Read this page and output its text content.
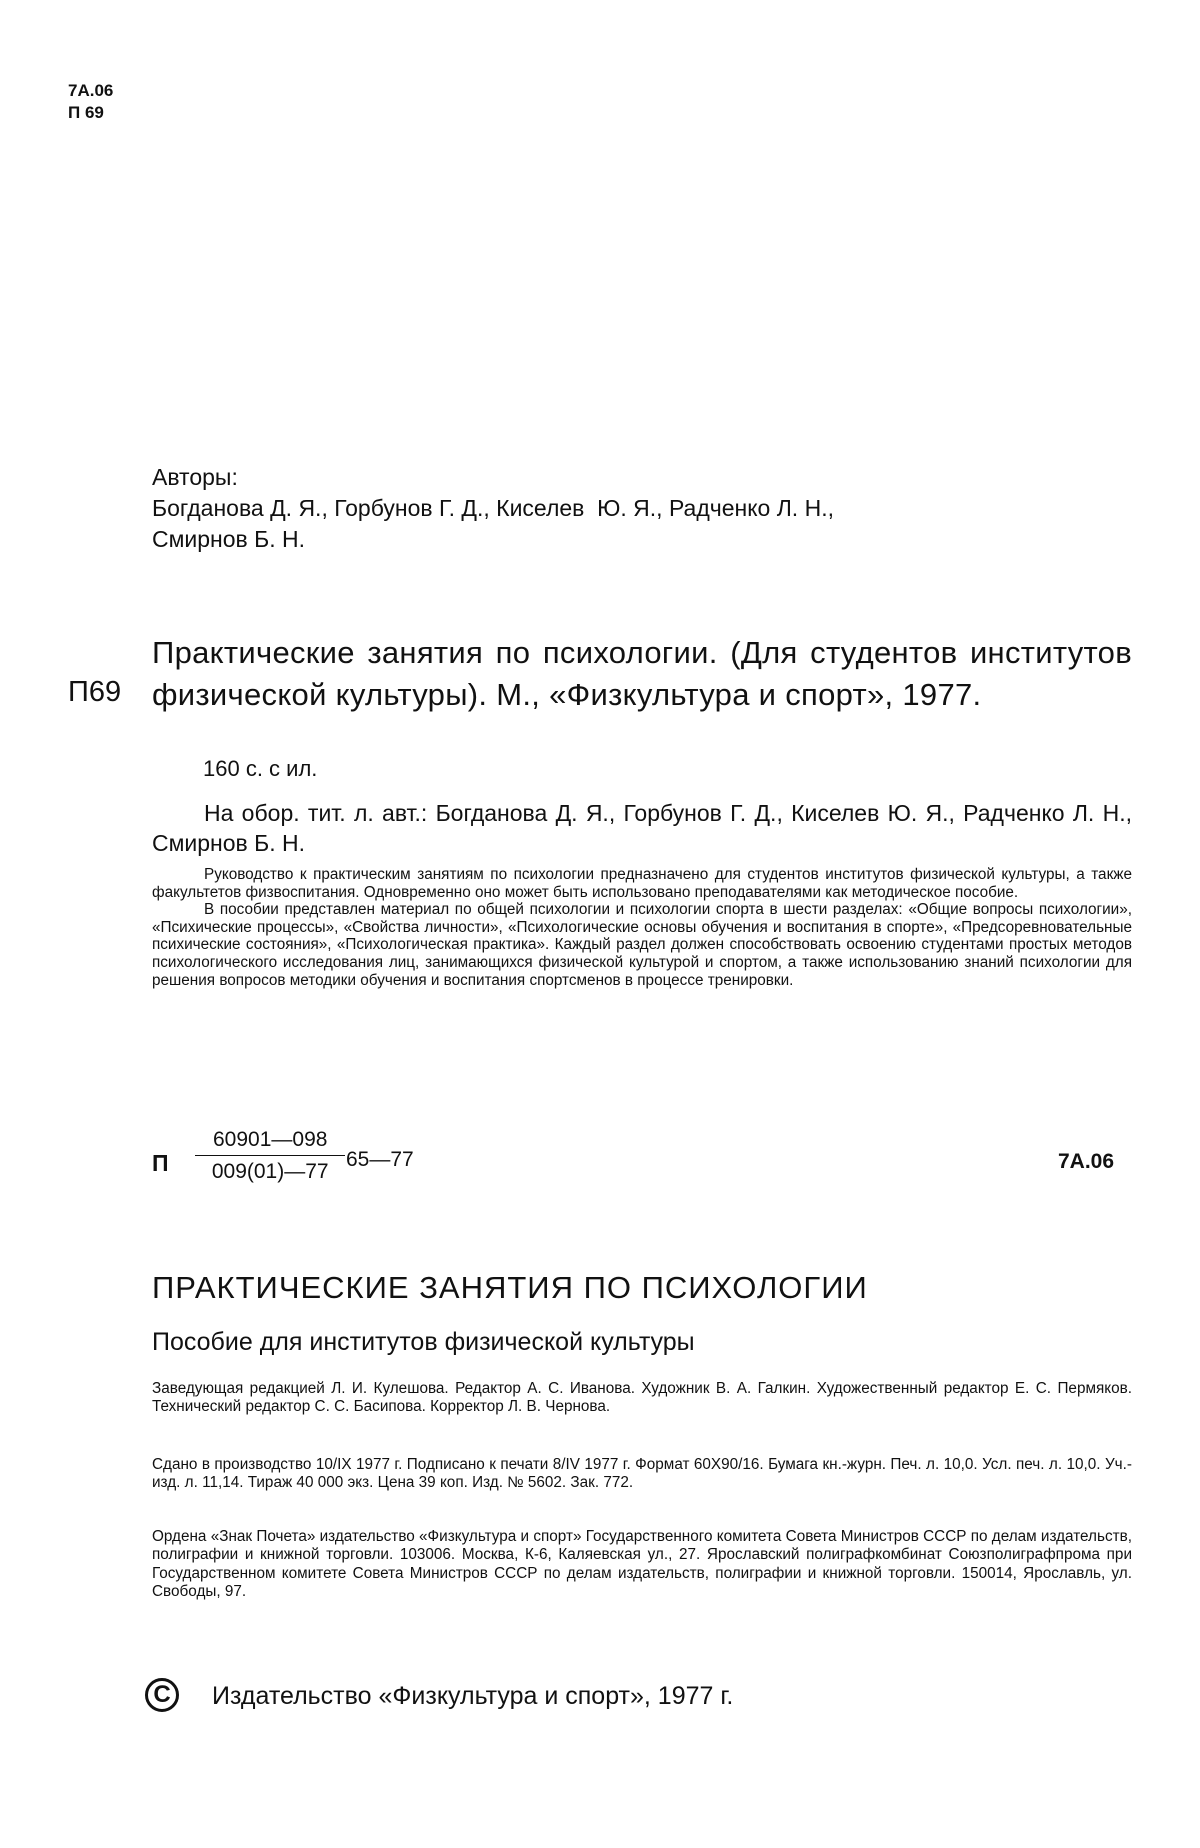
7А.06
П 69
Авторы:
Богданова Д. Я., Горбунов Г. Д., Киселев  Ю. Я., Радченко Л. Н.,
Смирнов Б. Н.
П69
Практические занятия по психологии. (Для студентов институтов физической культуры). М., «Физкультура и спорт», 1977.
160 с. с ил.
На обор. тит. л. авт.: Богданова Д. Я., Горбунов Г. Д., Киселев Ю. Я., Радченко Л. Н., Смирнов Б. Н.

Руководство к практическим занятиям по психологии предназначено для студентов институтов физической культуры, а также факультетов физвоспитания. Одновременно оно может быть использовано преподавателями как методическое пособие.

В пособии представлен материал по общей психологии и психологии спорта в шести разделах: «Общие вопросы психологии», «Психические процессы», «Свойства личности», «Психологические основы обучения и воспитания в спорте», «Предсоревновательные психические состояния», «Психологическая практика». Каждый раздел должен способствовать освоению студентами простых методов психологического исследования лиц, занимающихся физической культурой и спортом, а также использованию знаний психологии для решения вопросов методики обучения и воспитания спортсменов в процессе тренировки.

П $\frac{60901—098}{009(01)—77}$ 65—77	7А.06
ПРАКТИЧЕСКИЕ ЗАНЯТИЯ ПО ПСИХОЛОГИИ
Пособие для институтов физической культуры
Заведующая редакцией Л. И. Кулешова. Редактор А. С. Иванова. Художник В. А. Галкин. Художественный редактор Е. С. Пермяков. Технический редактор С. С. Басипова. Корректор Л. В. Чернова.
Сдано в производство 10/IX 1977 г. Подписано к печати 8/IV 1977 г. Формат 60Х90/16. Бумага кн.-журн. Печ. л. 10,0. Усл. печ. л. 10,0. Уч.-изд. л. 11,14. Тираж 40 000 экз. Цена 39 коп. Изд. № 5602. Зак. 772.
Ордена «Знак Почета» издательство «Физкультура и спорт» Государственного комитета Совета Министров СССР по делам издательств, полиграфии и книжной торговли. 103006. Москва, К-6, Каляевская ул., 27. Ярославский полиграфкомбинат Союзполиграфпрома при Государственном комитете Совета Министров СССР по делам издательств, полиграфии и книжной торговли. 150014, Ярославль, ул. Свободы, 97.
С	Издательство «Физкультура и спорт», 1977 г.
